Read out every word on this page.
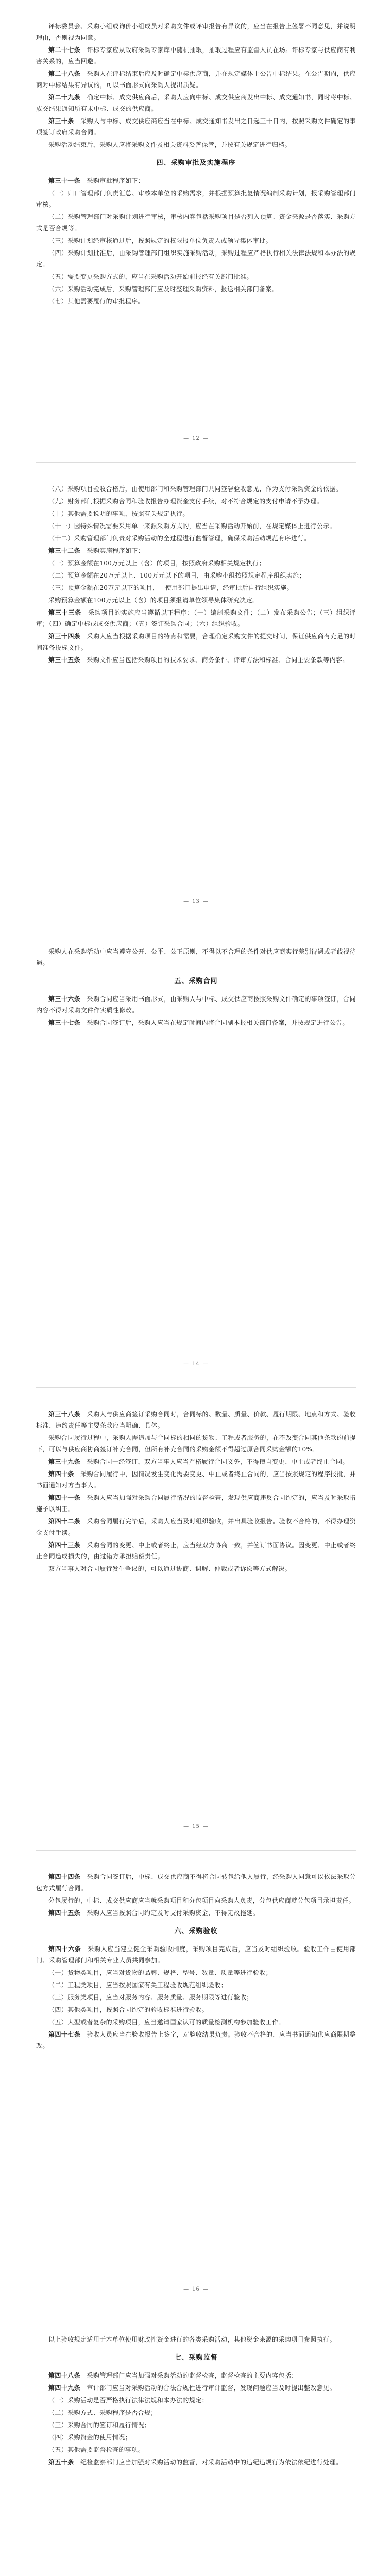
评标委员会、采购小组或询价小组成员对采购文件或评审报告有异议的，应当在报告上签署不同意见，并说明理由，否则视为同意。

第二十七条　 评标专家应从政府采购专家库中随机抽取，抽取过程应有监督人员在场。评标专家与供应商有利害关系的，应当回避。

第二十八条　 采购人在评标结束后应及时确定中标供应商，并在规定媒体上公告中标结果。在公告期内，供应商对中标结果有异议的，可以书面形式向采购人提出质疑。

第二十九条　 确定中标、成交供应商后，采购人应向中标、成交供应商发出中标、成交通知书，同时将中标、成交结果通知所有未中标、成交的供应商。

第三十条　 采购人与中标、成交供应商应当在中标、成交通知书发出之日起三十日内，按照采购文件确定的事项签订政府采购合同。

采购活动结束后，采购人应将采购文件及相关资料妥善保管，并按有关规定进行归档。

四、采购审批及实施程序

第三十一条　 采购审批程序如下：

（一）归口管理部门负责汇总、审核本单位的采购需求，并根据预算批复情况编制采购计划，报采购管理部门审核。

（二）采购管理部门对采购计划进行审核，审核内容包括采购项目是否列入预算、资金来源是否落实、采购方式是否合规等。

（三）采购计划经审核通过后，按照规定的权限报单位负责人或领导集体审批。

（四）采购计划批准后，由采购管理部门组织实施采购活动，采购过程应严格执行相关法律法规和本办法的规定。

（五）需要变更采购方式的，应当在采购活动开始前报经有关部门批准。

（六）采购活动完成后，采购管理部门应及时整理采购资料，报送相关部门备案。

（七）其他需要履行的审批程序。

— 12 —

（八）采购项目验收合格后，由使用部门和采购管理部门共同签署验收意见，作为支付采购资金的依据。

（九）财务部门根据采购合同和验收报告办理资金支付手续，对不符合规定的支付申请不予办理。

（十）其他需要说明的事项，按照有关规定执行。

（十一）因特殊情况需要采用单一来源采购方式的，应当在采购活动开始前，在规定媒体上进行公示。

（十二）采购管理部门负责对采购活动的全过程进行监督管理，确保采购活动规范有序进行。

第三十二条　 采购实施程序如下：

（一）预算金额在100万元以上（含）的项目，按照政府采购相关规定执行；

（二）预算金额在20万元以上、100万元以下的项目，由采购小组按照规定程序组织实施；

（三）预算金额在20万元以下的项目，由使用部门提出申请，经审批后自行组织实施。

采购预算金额在100万元以上（含）的项目须报请单位领导集体研究决定。

第三十三条　 采购项目的实施应当遵循以下程序：（一）编制采购文件；（二）发布采购公告；（三）组织评审；（四）确定中标或成交供应商；（五）签订采购合同；（六）组织验收。

第三十四条　 采购人应当根据采购项目的特点和需要，合理确定采购文件的提交时间，保证供应商有充足的时间准备投标文件。

第三十五条　 采购文件应当包括采购项目的技术要求、商务条件、评审方法和标准、合同主要条款等内容。

— 13 —

采购人在采购活动中应当遵守公开、公平、公正原则，不得以不合理的条件对供应商实行差别待遇或者歧视待遇。

五、采购合同

第三十六条　 采购合同应当采用书面形式，由采购人与中标、成交供应商按照采购文件确定的事项签订，合同内容不得对采购文件作实质性修改。

第三十七条　 采购合同签订后，采购人应当在规定时间内将合同副本报相关部门备案，并按规定进行公告。

— 14 —

第三十八条　 采购人与供应商签订采购合同时，合同标的、数量、质量、价款、履行期限、地点和方式、验收标准、违约责任等主要条款应当明确、具体。

采购合同履行过程中，采购人需追加与合同标的相同的货物、工程或者服务的，在不改变合同其他条款的前提下，可以与供应商协商签订补充合同，但所有补充合同的采购金额不得超过原合同采购金额的10%。

第三十九条　 采购合同一经签订，双方当事人应当严格履行合同义务，不得擅自变更、中止或者终止合同。

第四十条　 采购合同履行中，因情况发生变化需要变更、中止或者终止合同的，应当按照规定的程序报批，并书面通知对方当事人。

第四十一条　 采购人应当加强对采购合同履行情况的监督检查，发现供应商违反合同约定的，应当及时采取措施予以纠正。

第四十二条　 采购合同履行完毕后，采购人应当及时组织验收，并出具验收报告。验收不合格的，不得办理资金支付手续。

第四十三条　 采购合同的变更、中止或者终止，应当经双方协商一致，并签订书面协议。因变更、中止或者终止合同造成损失的，由过错方承担赔偿责任。

双方当事人对合同履行发生争议的，可以通过协商、调解、仲裁或者诉讼等方式解决。

— 15 —

第四十四条　 采购合同签订后，中标、成交供应商不得将合同转包给他人履行，经采购人同意可以依法采取分包方式履行合同。

分包履行的，中标、成交供应商应当就采购项目和分包项目向采购人负责，分包供应商就分包项目承担责任。

第四十五条　 采购人应当按照合同约定及时支付采购资金，不得无故拖延。

六、采购验收

第四十六条　 采购人应当建立健全采购验收制度，采购项目完成后，应当及时组织验收。验收工作由使用部门、采购管理部门和相关专业人员共同参加。

（一）货物类项目，应当对货物的品牌、规格、型号、数量、质量等进行验收；

（二）工程类项目，应当按照国家有关工程验收规范组织验收；

（三）服务类项目，应当对服务内容、服务质量、服务期限等进行验收；

（四）其他类项目，按照合同约定的验收标准进行验收。

（五）大型或者复杂的采购项目，应当邀请国家认可的质量检测机构参加验收工作。

第四十七条　 验收人员应当在验收报告上签字，对验收结果负责。验收不合格的，应当书面通知供应商限期整改。

— 16 —

以上验收规定适用于本单位使用财政性资金进行的各类采购活动，其他资金来源的采购项目参照执行。

七、采购监督

第四十八条　 采购管理部门应当加强对采购活动的监督检查，监督检查的主要内容包括：

第四十九条　 审计部门应当对采购活动的合法合规性进行审计监督，发现问题应当及时提出整改意见。

（一）采购活动是否严格执行法律法规和本办法的规定；

（二）采购方式、采购程序是否合规；

（三）采购合同的签订和履行情况；

（四）采购资金的使用情况；

（五）其他需要监督检查的事项。

第五十条　 纪检监察部门应当加强对采购活动的监督，对采购活动中的违纪违规行为依法依纪进行处理。
